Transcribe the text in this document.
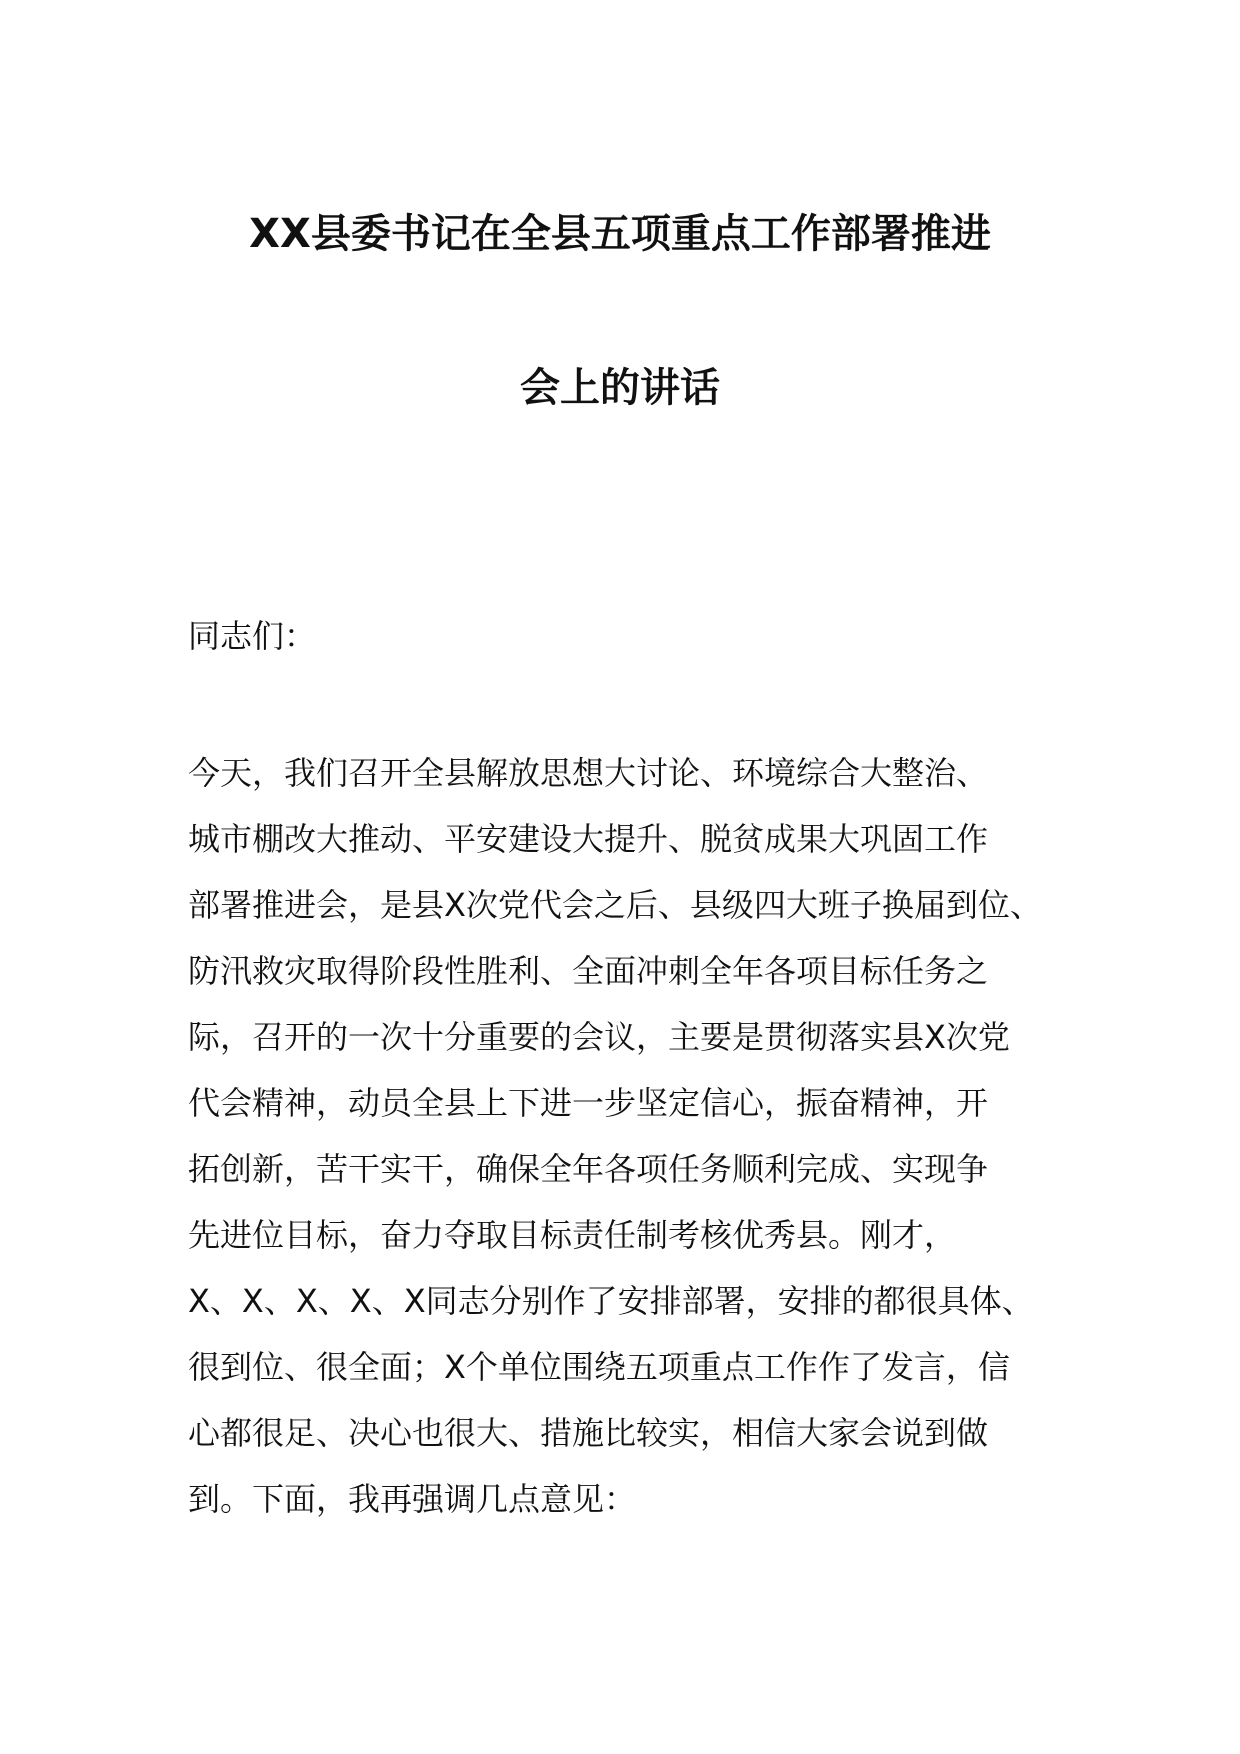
XX县委书记在全县五项重点工作部署推进
会上的讲话
同志们：
今天，我们召开全县解放思想大讨论、环境综合大整治、
城市棚改大推动、平安建设大提升、脱贫成果大巩固工作
部署推进会，是县X次党代会之后、县级四大班子换届到位、
防汛救灾取得阶段性胜利、全面冲刺全年各项目标任务之
际，召开的一次十分重要的会议，主要是贯彻落实县X次党
代会精神，动员全县上下进一步坚定信心，振奋精神，开
拓创新，苦干实干，确保全年各项任务顺利完成、实现争
先进位目标，奋力夺取目标责任制考核优秀县。刚才，
X、X、X、X、X同志分别作了安排部署，安排的都很具体、
很到位、很全面；X个单位围绕五项重点工作作了发言，信
心都很足、决心也很大、措施比较实，相信大家会说到做
到。下面，我再强调几点意见：
